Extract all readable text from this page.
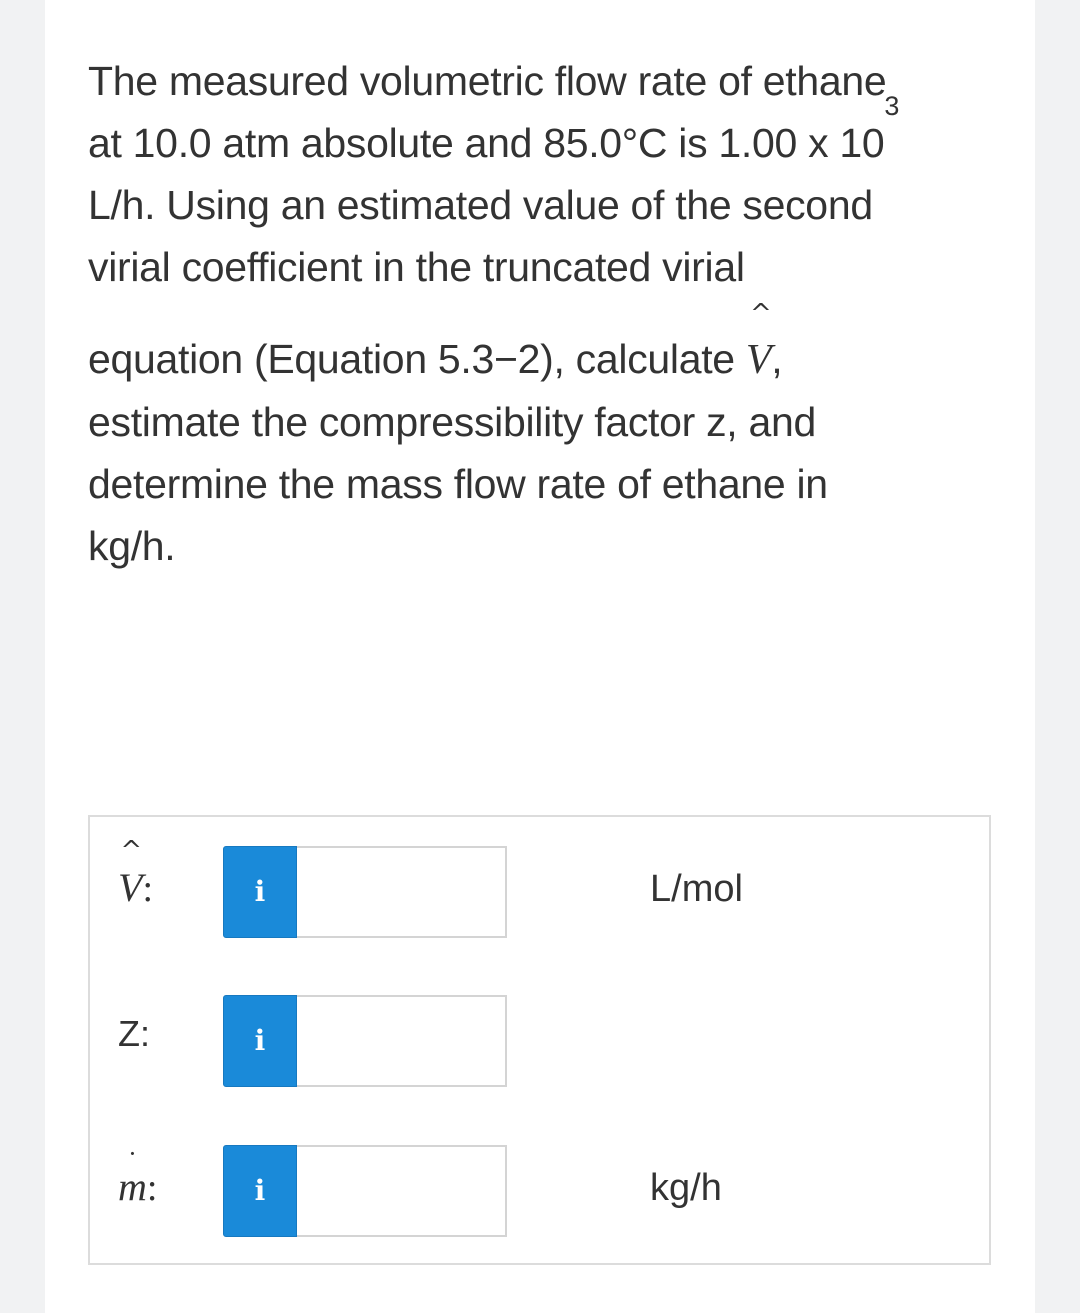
The measured volumetric flow rate of ethane
at 10.0 atm absolute and 85.0°C is 1.00 x $10^3$
L/h. Using an estimated value of the second
virial coefficient in the truncated virial
equation (Equation 5.3−2), calculate
^
V,
estimate the compressibility factor z, and
determine the mass flow rate of ethane in
kg/h.
^
V:	i	L/mol
Z:	i
·
m:	i	kg/h
